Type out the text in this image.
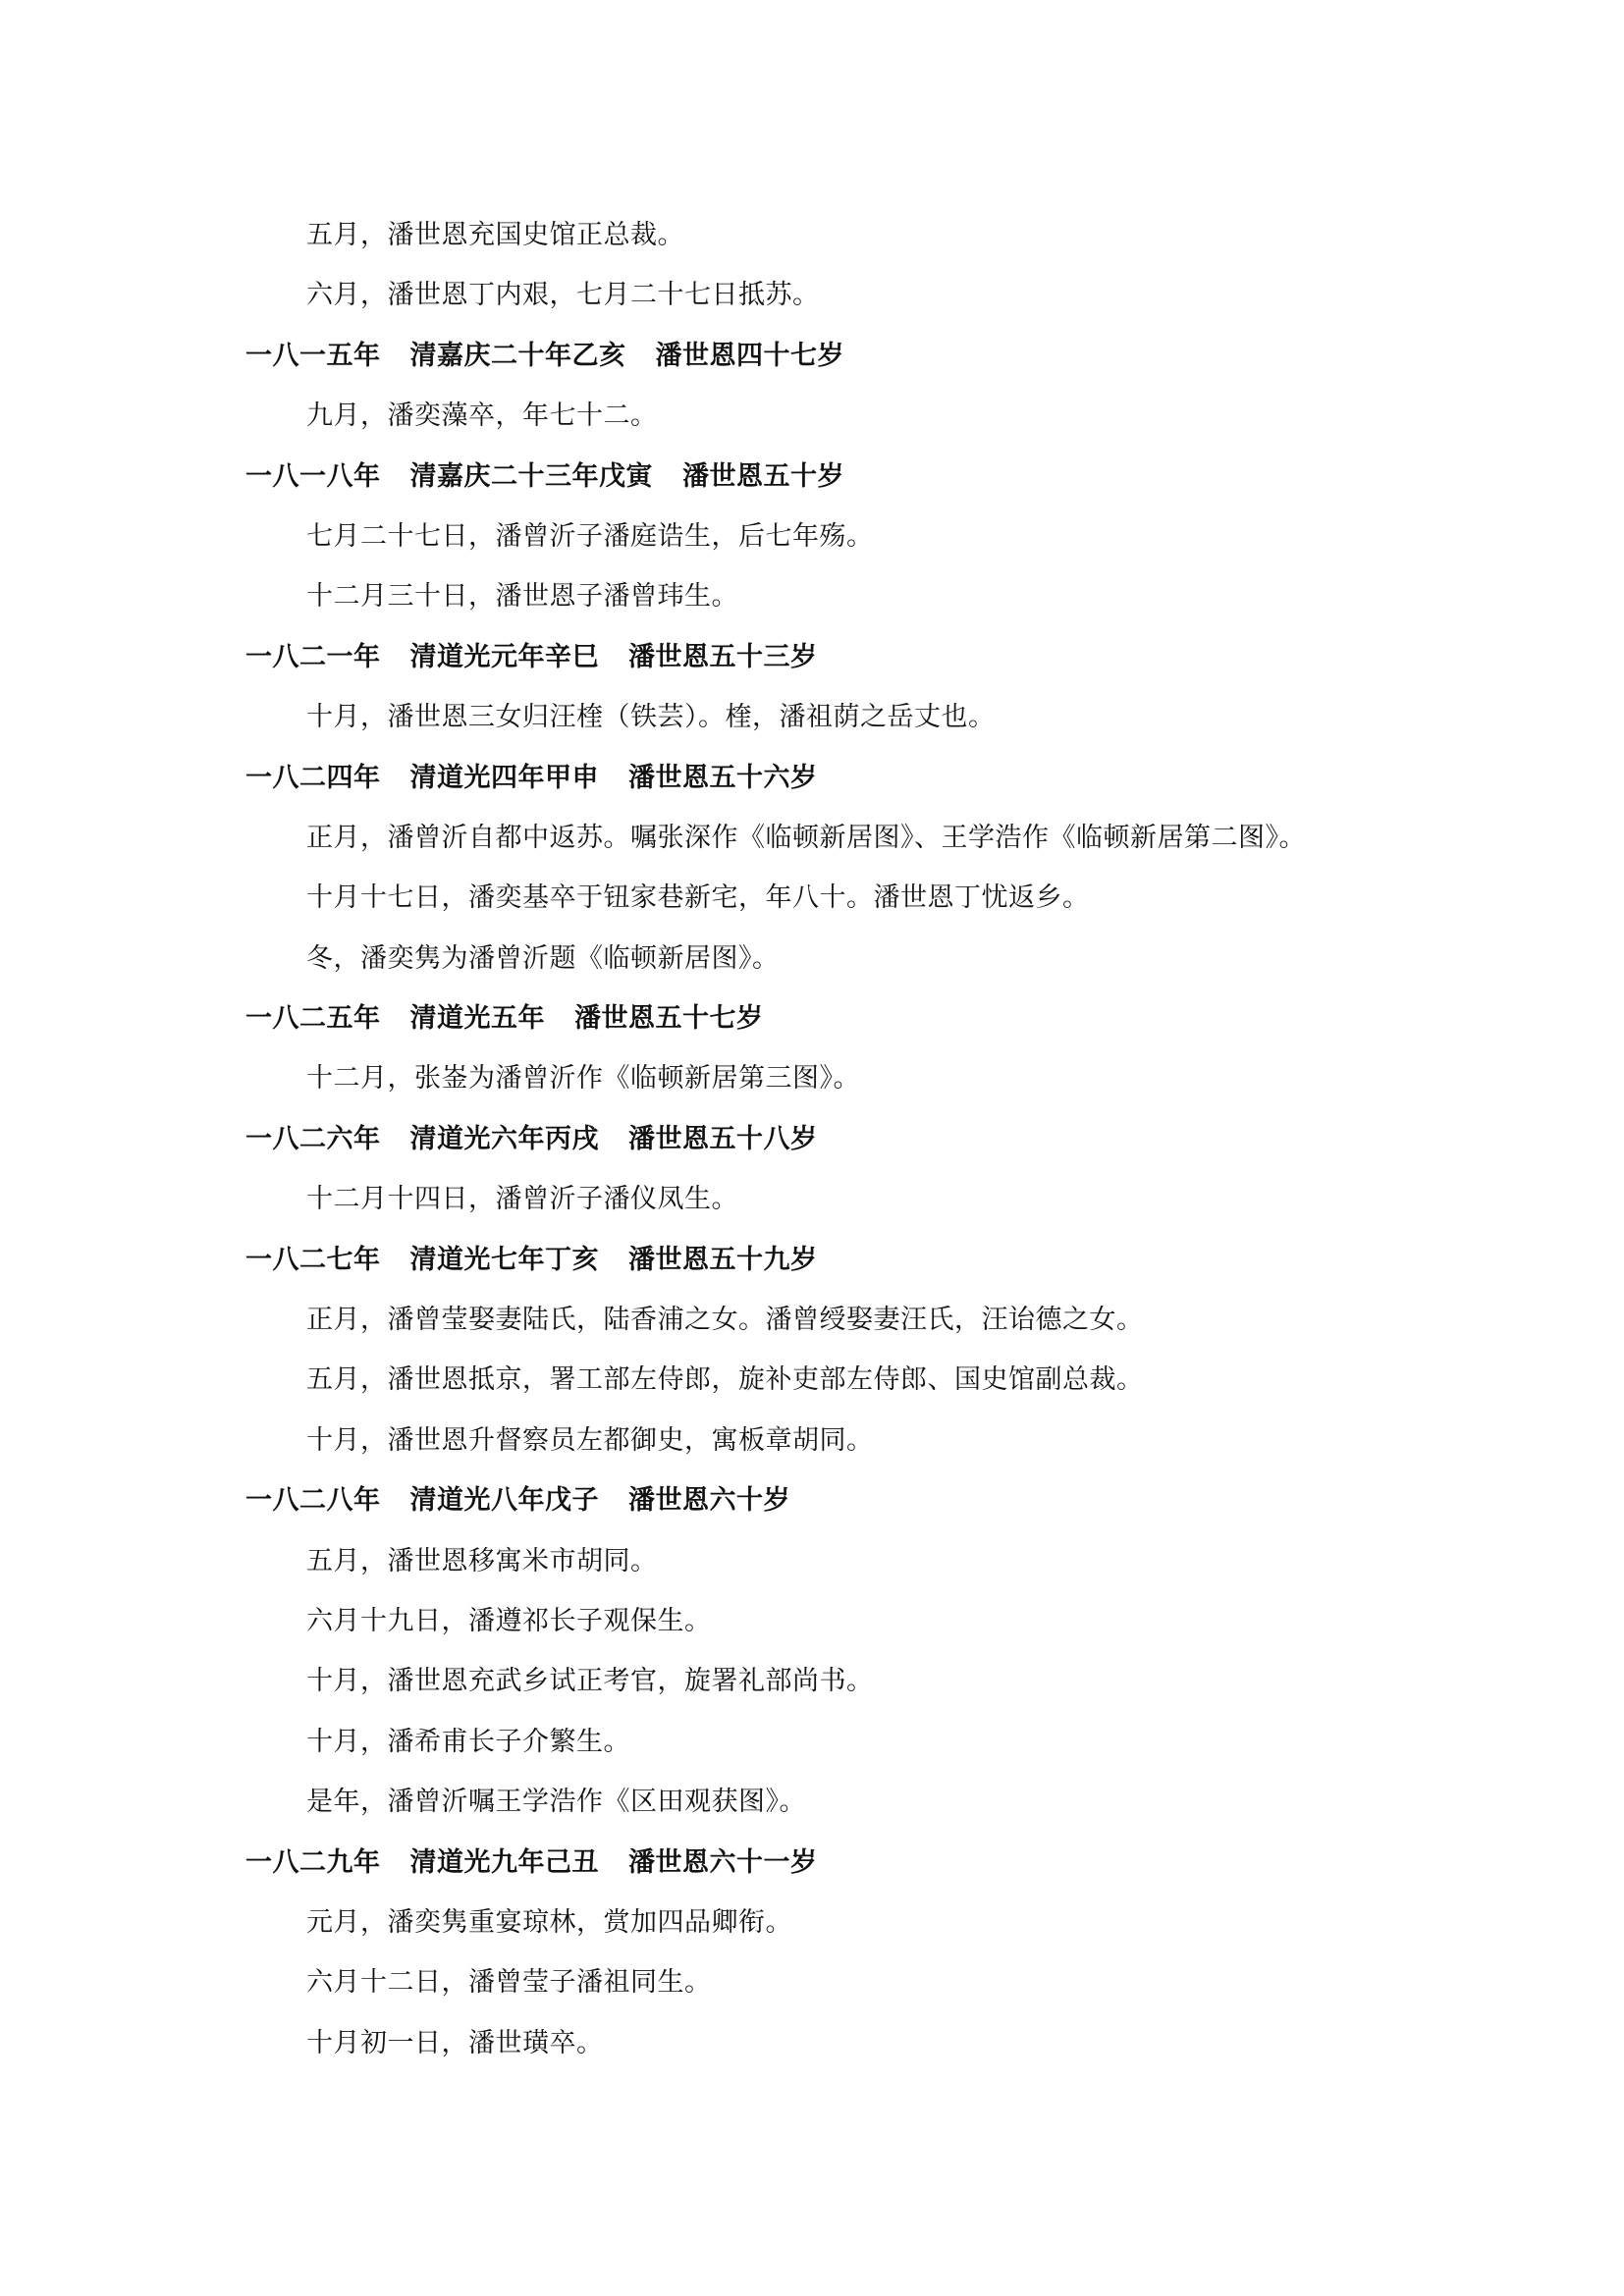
五月，潘世恩充国史馆正总裁。
六月，潘世恩丁内艰，七月二十七日抵苏。
一八一五年 清嘉庆二十年乙亥 潘世恩四十七岁
九月，潘奕藻卒，年七十二。
一八一八年 清嘉庆二十三年戊寅 潘世恩五十岁
七月二十七日，潘曾沂子潘庭诰生，后七年殇。
十二月三十日，潘世恩子潘曾玮生。
一八二一年 清道光元年辛巳 潘世恩五十三岁
十月，潘世恩三女归汪楏（铁芸）。楏，潘祖荫之岳丈也。
一八二四年 清道光四年甲申 潘世恩五十六岁
正月，潘曾沂自都中返苏。嘱张深作《临顿新居图》、王学浩作《临顿新居第二图》。
十月十七日，潘奕基卒于钮家巷新宅，年八十。潘世恩丁忧返乡。
冬，潘奕隽为潘曾沂题《临顿新居图》。
一八二五年 清道光五年 潘世恩五十七岁
十二月，张崟为潘曾沂作《临顿新居第三图》。
一八二六年 清道光六年丙戌 潘世恩五十八岁
十二月十四日，潘曾沂子潘仪凤生。
一八二七年 清道光七年丁亥 潘世恩五十九岁
正月，潘曾莹娶妻陆氏，陆香浦之女。潘曾绶娶妻汪氏，汪诒德之女。
五月，潘世恩抵京，署工部左侍郎，旋补吏部左侍郎、国史馆副总裁。
十月，潘世恩升督察员左都御史，寓板章胡同。
一八二八年 清道光八年戊子 潘世恩六十岁
五月，潘世恩移寓米市胡同。
六月十九日，潘遵祁长子观保生。
十月，潘世恩充武乡试正考官，旋署礼部尚书。
十月，潘希甫长子介繁生。
是年，潘曾沂嘱王学浩作《区田观获图》。
一八二九年 清道光九年己丑 潘世恩六十一岁
元月，潘奕隽重宴琼林，赏加四品卿衔。
六月十二日，潘曾莹子潘祖同生。
十月初一日，潘世璜卒。
